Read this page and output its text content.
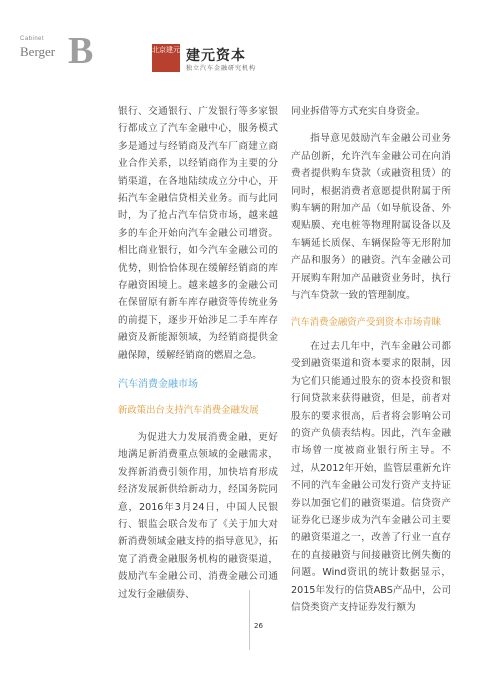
Cabinet
Berger B	北京建元 建元资本
独立汽车金融研究机构

银行、交通银行、广发银行等多家银行都成立了汽车金融中心，服务模式多是通过与经销商及汽车厂商建立商业合作关系，以经销商作为主要的分销渠道，在各地陆续成立分中心，开拓汽车金融信贷相关业务。而与此同时，为了抢占汽车信贷市场，越来越多的车企开始向汽车金融公司增资。相比商业银行，如今汽车金融公司的优势，则恰恰体现在缓解经销商的库存融资困境上。越来越多的金融公司在保留原有新车库存融资等传统业务的前提下，逐步开始涉足二手车库存融资及新能源领域，为经销商提供金融保障，缓解经销商的燃眉之急。

汽车消费金融市场

新政策出台支持汽车消费金融发展

为促进大力发展消费金融，更好地满足新消费重点领域的金融需求，发挥新消费引领作用，加快培育形成经济发展新供给新动力，经国务院同意，2016年3月24日，中国人民银行、银监会联合发布了《关于加大对新消费领域金融支持的指导意见》，拓宽了消费金融服务机构的融资渠道，鼓励汽车金融公司、消费金融公司通过发行金融债券、

同业拆借等方式充实自身资金。

指导意见鼓励汽车金融公司业务产品创新，允许汽车金融公司在向消费者提供购车贷款（或融资租赁）的同时，根据消费者意愿提供附属于所购车辆的附加产品（如导航设备、外观贴膜、充电桩等物理附属设备以及车辆延长质保、车辆保险等无形附加产品和服务）的融资。汽车金融公司开展购车附加产品融资业务时，执行与汽车贷款一致的管理制度。

汽车消费金融资产受到资本市场青睐

在过去几年中，汽车金融公司都受到融资渠道和资本要求的限制，因为它们只能通过股东的资本投资和银行间贷款来获得融资，但是，前者对股东的要求很高，后者将会影响公司的资产负债表结构。因此，汽车金融市场曾一度被商业银行所主导。不过，从2012年开始，监管层重新允许不同的汽车金融公司发行资产支持证券以加强它们的融资渠道。信贷资产证券化已逐步成为汽车金融公司主要的融资渠道之一，改善了行业一直存在的直接融资与间接融资比例失衡的问题。Wind资讯的统计数据显示，2015年发行的信贷ABS产品中，公司信贷类资产支持证券发行额为

26
